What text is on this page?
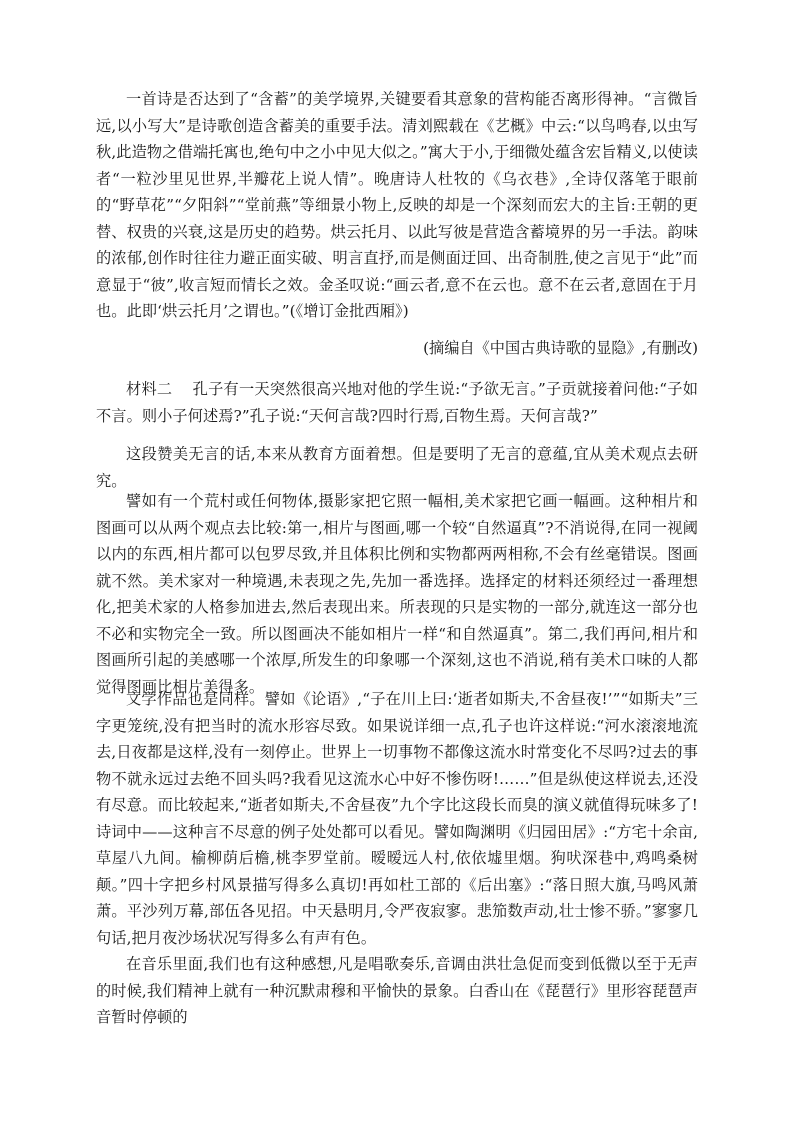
一首诗是否达到了“含蓄”的美学境界,关键要看其意象的营构能否离形得神。“言微旨远,以小写大”是诗歌创造含蓄美的重要手法。清刘熙载在《艺概》中云:“以鸟鸣春,以虫写秋,此造物之借端托寓也,绝句中之小中见大似之。”寓大于小,于细微处蕴含宏旨精义,以使读者“一粒沙里见世界,半瓣花上说人情”。晚唐诗人杜牧的《乌衣巷》,全诗仅落笔于眼前的“野草花”“夕阳斜”“堂前燕”等细景小物上,反映的却是一个深刻而宏大的主旨:王朝的更替、权贵的兴衰,这是历史的趋势。烘云托月、以此写彼是营造含蓄境界的另一手法。韵味的浓郁,创作时往往力避正面实破、明言直抒,而是侧面迂回、出奇制胜,使之言见于“此”而意显于“彼”,收言短而情长之效。金圣叹说:“画云者,意不在云也。意不在云者,意固在于月也。此即‘烘云托月’之谓也。”(《增订金批西厢》)

(摘编自《中国古典诗歌的显隐》,有删改)

材料二 孔子有一天突然很高兴地对他的学生说:“予欲无言。”子贡就接着问他:“子如不言。则小子何述焉?”孔子说:“天何言哉?四时行焉,百物生焉。天何言哉?”

这段赞美无言的话,本来从教育方面着想。但是要明了无言的意蕴,宜从美术观点去研究。

譬如有一个荒村或任何物体,摄影家把它照一幅相,美术家把它画一幅画。这种相片和图画可以从两个观点去比较:第一,相片与图画,哪一个较“自然逼真”?不消说得,在同一视阈以内的东西,相片都可以包罗尽致,并且体积比例和实物都两两相称,不会有丝毫错误。图画就不然。美术家对一种境遇,未表现之先,先加一番选择。选择定的材料还须经过一番理想化,把美术家的人格参加进去,然后表现出来。所表现的只是实物的一部分,就连这一部分也不必和实物完全一致。所以图画决不能如相片一样“和自然逼真”。第二,我们再问,相片和图画所引起的美感哪一个浓厚,所发生的印象哪一个深刻,这也不消说,稍有美术口味的人都觉得图画比相片美得多。

文学作品也是同样。譬如《论语》,“子在川上曰:‘逝者如斯夫,不舍昼夜!’”“如斯夫”三字更笼统,没有把当时的流水形容尽致。如果说详细一点,孔子也许这样说:“河水滚滚地流去,日夜都是这样,没有一刻停止。世界上一切事物不都像这流水时常变化不尽吗?过去的事物不就永远过去绝不回头吗?我看见这流水心中好不惨伤呀!……”但是纵使这样说去,还没有尽意。而比较起来,“逝者如斯夫,不舍昼夜”九个字比这段长而臭的演义就值得玩味多了!诗词中——这种言不尽意的例子处处都可以看见。譬如陶渊明《归园田居》:“方宅十余亩,草屋八九间。榆柳荫后檐,桃李罗堂前。暧暧远人村,依依墟里烟。狗吠深巷中,鸡鸣桑树颠。”四十字把乡村风景描写得多么真切!再如杜工部的《后出塞》:“落日照大旗,马鸣风萧萧。平沙列万幕,部伍各见招。中天悬明月,令严夜寂寥。悲笳数声动,壮士惨不骄。”寥寥几句话,把月夜沙场状况写得多么有声有色。

在音乐里面,我们也有这种感想,凡是唱歌奏乐,音调由洪壮急促而变到低微以至于无声的时候,我们精神上就有一种沉默肃穆和平愉快的景象。白香山在《琵琶行》里形容琵琶声音暂时停顿的
